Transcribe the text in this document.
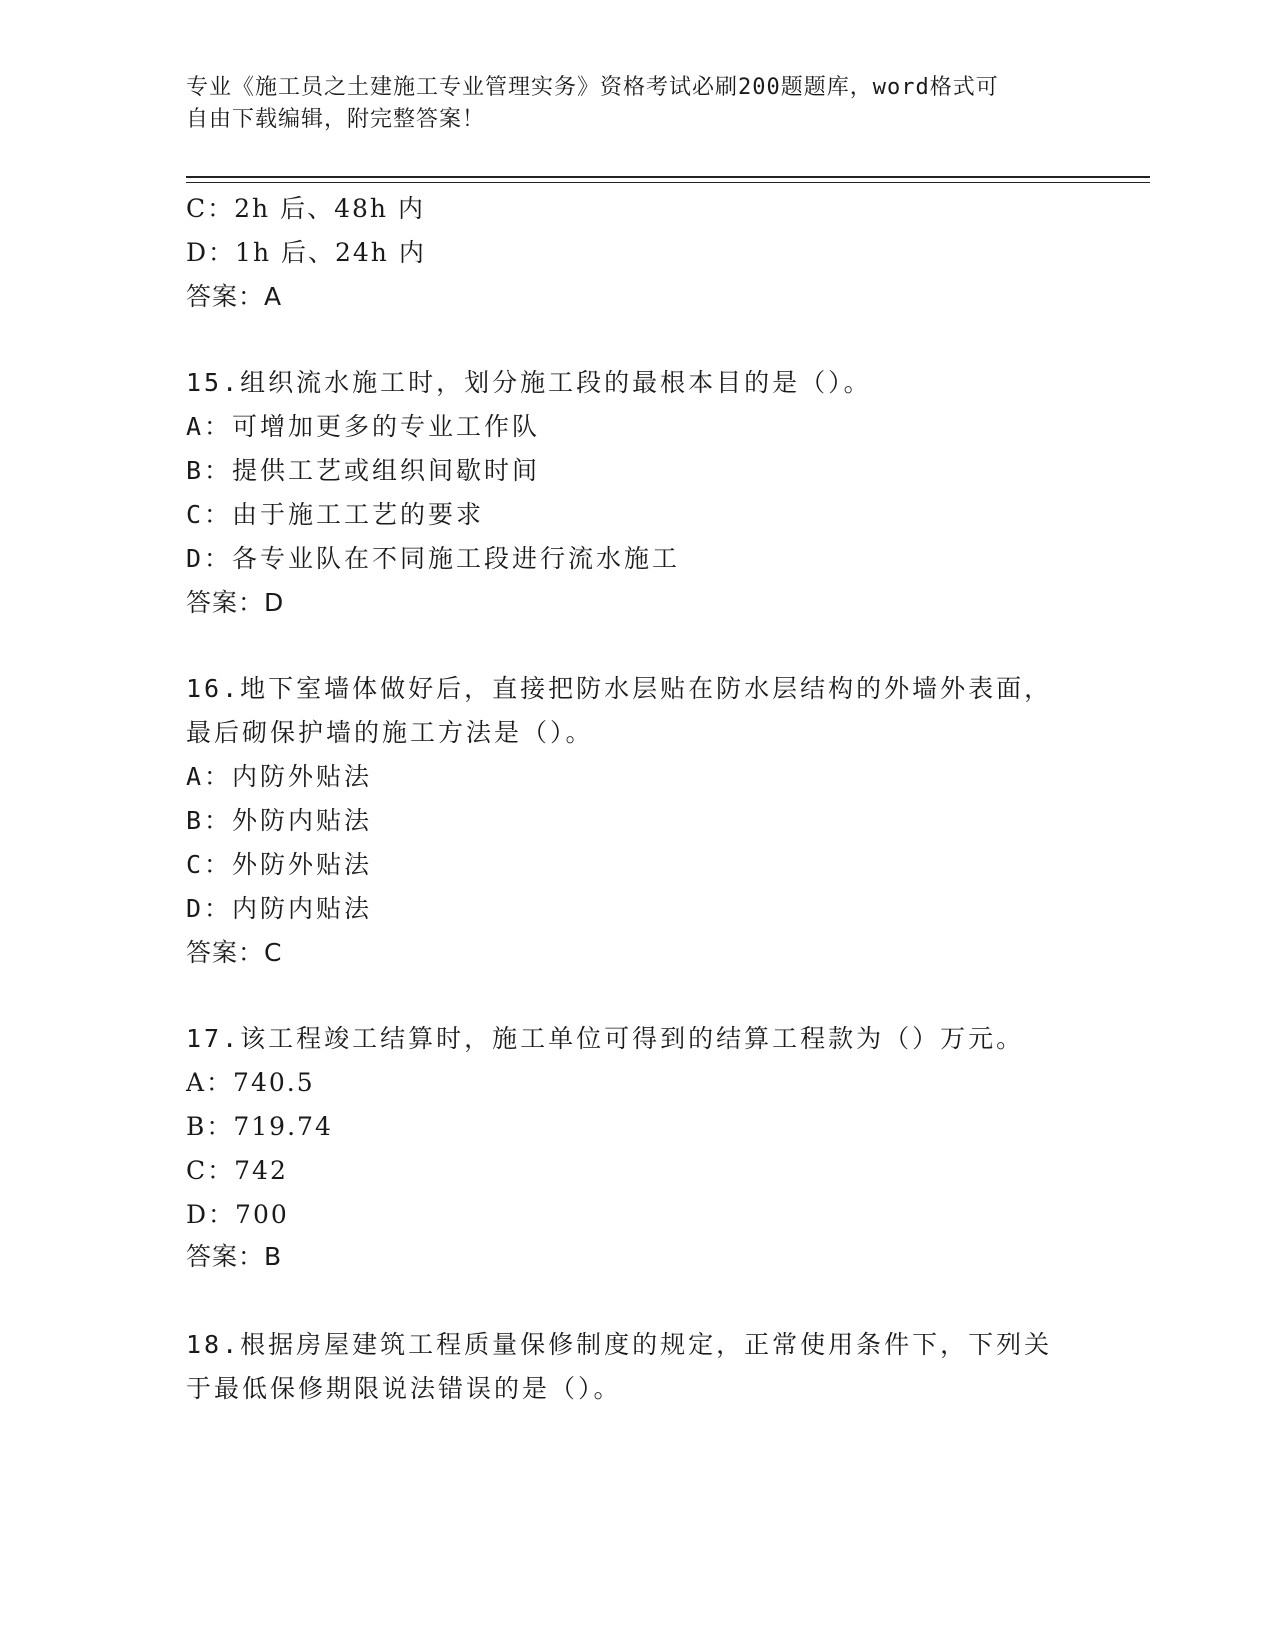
专业《施工员之土建施工专业管理实务》资格考试必刷200题题库，word格式可
自由下载编辑，附完整答案！
C：2h 后、48h 内
D：1h 后、24h 内
答案：A
15.组织流水施工时，划分施工段的最根本目的是（）。
A：可增加更多的专业工作队
B：提供工艺或组织间歇时间
C：由于施工工艺的要求
D：各专业队在不同施工段进行流水施工
答案：D
16.地下室墙体做好后，直接把防水层贴在防水层结构的外墙外表面，
最后砌保护墙的施工方法是（）。
A：内防外贴法
B：外防内贴法
C：外防外贴法
D：内防内贴法
答案：C
17.该工程竣工结算时，施工单位可得到的结算工程款为（）万元。
A：740.5
B：719.74
C：742
D：700
答案：B
18.根据房屋建筑工程质量保修制度的规定，正常使用条件下，下列关
于最低保修期限说法错误的是（）。
